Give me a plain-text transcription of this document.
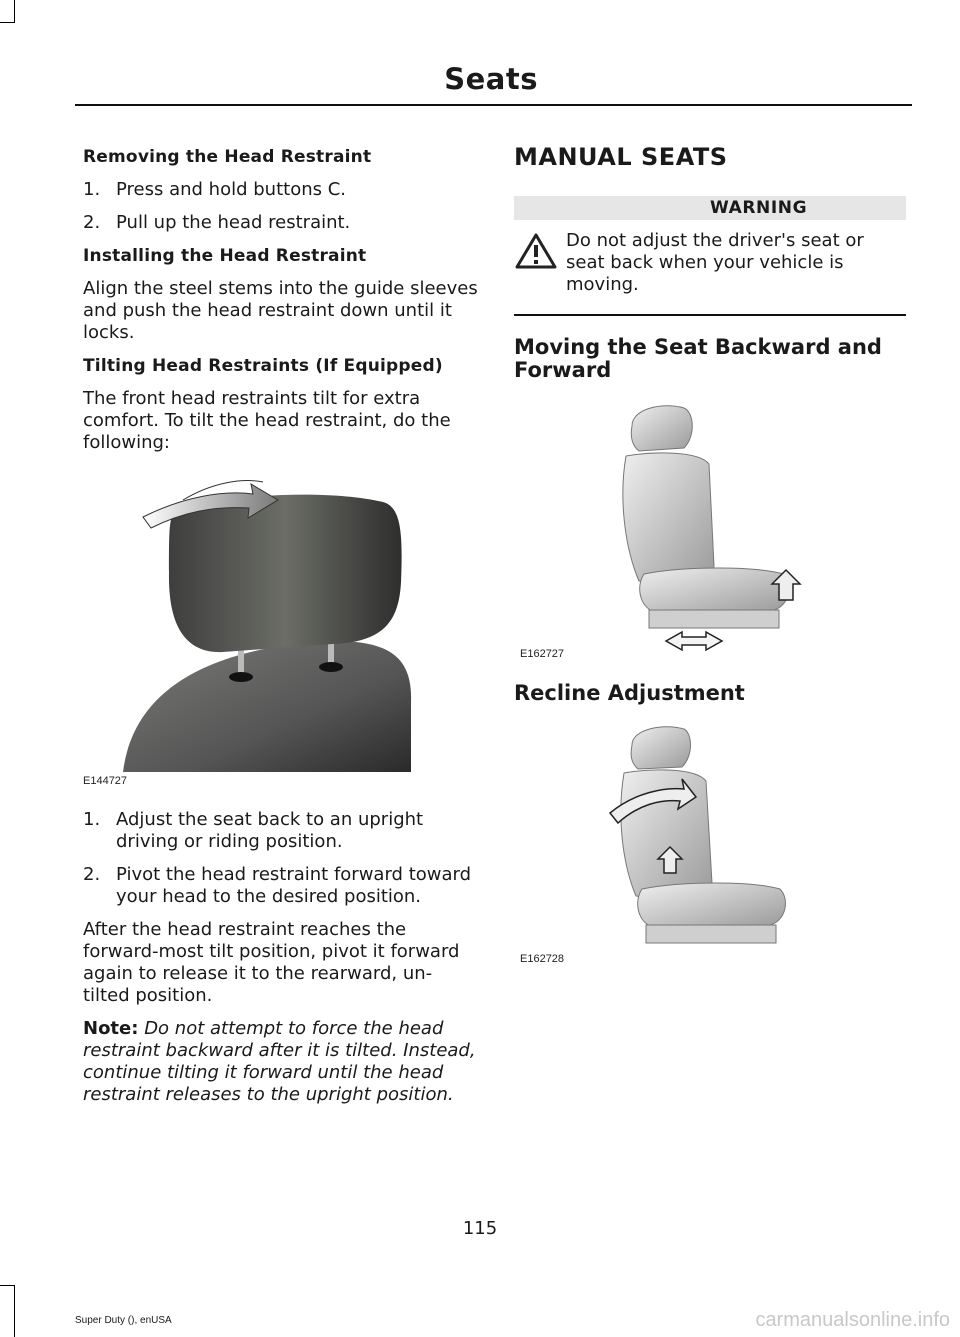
Seats

Removing the Head Restraint

1. Press and hold buttons C.
2. Pull up the head restraint.

Installing the Head Restraint

Align the steel stems into the guide sleeves and push the head restraint down until it locks.

Tilting Head Restraints (If Equipped)

The front head restraints tilt for extra comfort. To tilt the head restraint, do the following:

E144727
1. Adjust the seat back to an upright driving or riding position.
2. Pivot the head restraint forward toward your head to the desired position.

After the head restraint reaches the forward-most tilt position, pivot it forward again to release it to the rearward, un-tilted position.

Note: Do not attempt to force the head restraint backward after it is tilted. Instead, continue tilting it forward until the head restraint releases to the upright position.

MANUAL SEATS

WARNING

Do not adjust the driver's seat or seat back when your vehicle is moving.

Moving the Seat Backward and Forward

E162727

Recline Adjustment

E162728
115
Super Duty (), enUSA	carmanualsonline.info
